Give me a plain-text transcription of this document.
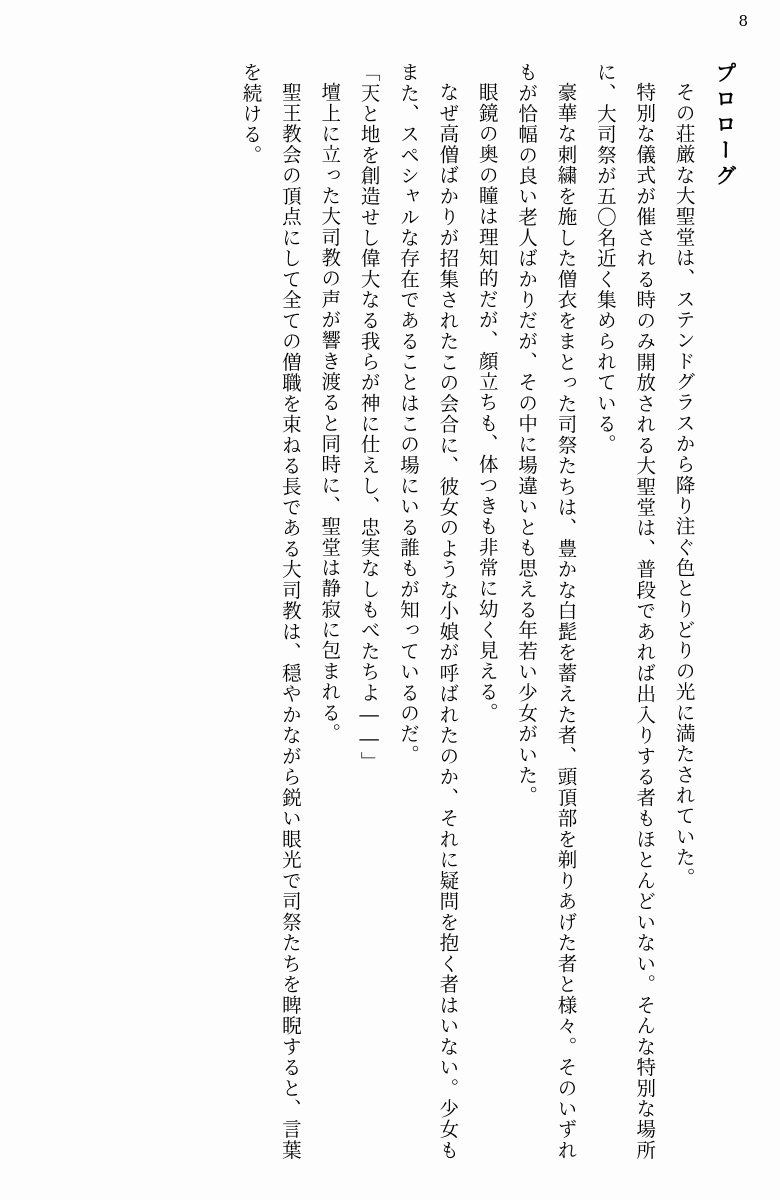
8
プロローグ
その荘厳な大聖堂は、ステンドグラスから降り注ぐ色とりどりの光に満たされていた。
特別な儀式が催される時のみ開放される大聖堂は、普段であれば出入りする者もほとんどいない。そんな特別な場所に、大司祭が五〇名近く集められている。
豪華な刺繍を施した僧衣をまとった司祭たちは、豊かな白髭を蓄えた者、頭頂部を剃りあげた者と様々。そのいずれもが恰幅の良い老人ばかりだが、その中に場違いとも思える年若い少女がいた。
眼鏡の奥の瞳は理知的だが、顔立ちも、体つきも非常に幼く見える。
なぜ高僧ばかりが招集されたこの会合に、彼女のような小娘が呼ばれたのか、それに疑問を抱く者はいない。少女もまた、スペシャルな存在であることはこの場にいる誰もが知っているのだ。
「天と地を創造せし偉大なる我らが神に仕えし、忠実なしもべたちよ――」
壇上に立った大司教の声が響き渡ると同時に、聖堂は静寂に包まれる。
聖王教会の頂点にして全ての僧職を束ねる長である大司教は、穏やかながら鋭い眼光で司祭たちを睥睨すると、言葉を続ける。
